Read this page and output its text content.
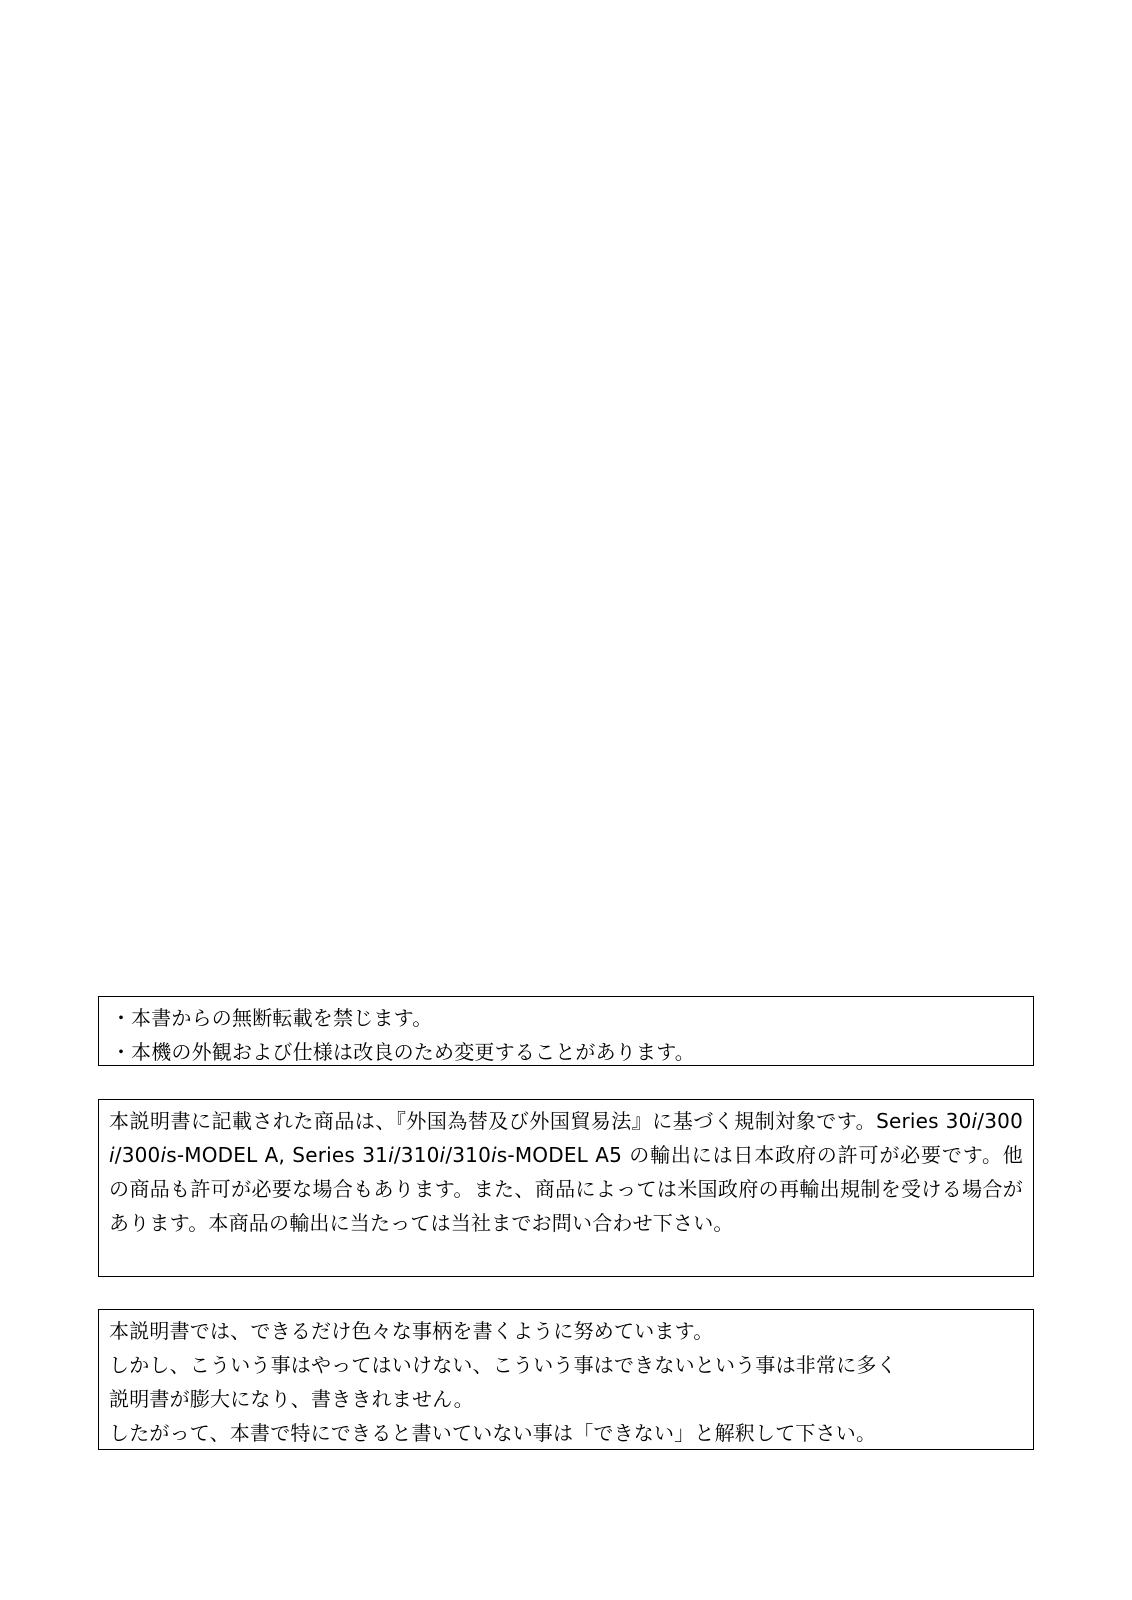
・本書からの無断転載を禁じます。
・本機の外観および仕様は改良のため変更することがあります。
本説明書に記載された商品は、『外国為替及び外国貿易法』に基づく規制対象です。Series 30i/300i/300is-MODEL A, Series 31i/310i/310is-MODEL A5 の輸出には日本政府の許可が必要です。他の商品も許可が必要な場合もあります。また、商品によっては米国政府の再輸出規制を受ける場合があります。本商品の輸出に当たっては当社までお問い合わせ下さい。
本説明書では、できるだけ色々な事柄を書くように努めています。
しかし、こういう事はやってはいけない、こういう事はできないという事は非常に多く
説明書が膨大になり、書ききれません。
したがって、本書で特にできると書いていない事は「できない」と解釈して下さい。
